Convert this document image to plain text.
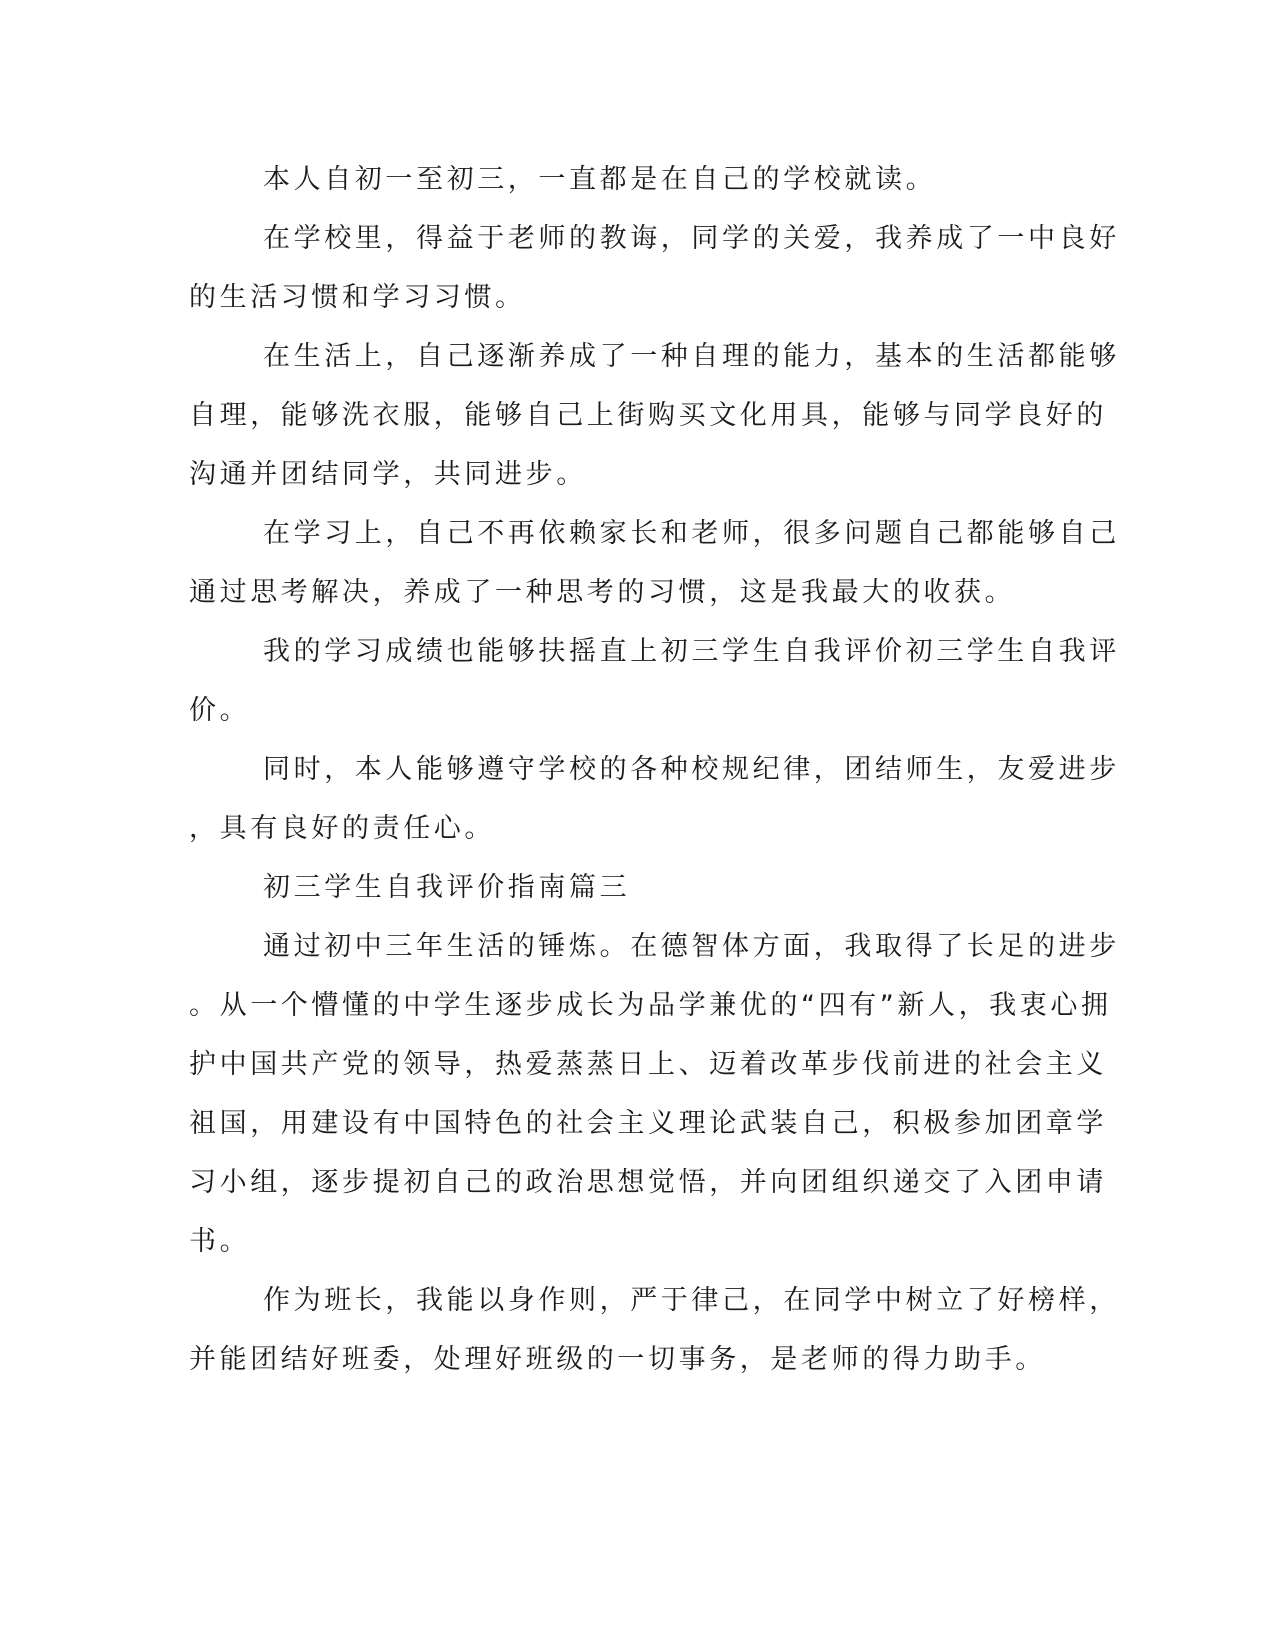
本人自初一至初三，一直都是在自己的学校就读。
在学校里，得益于老师的教诲，同学的关爱，我养成了一中良好
的生活习惯和学习习惯。
在生活上，自己逐渐养成了一种自理的能力，基本的生活都能够
自理，能够洗衣服，能够自己上街购买文化用具，能够与同学良好的
沟通并团结同学，共同进步。
在学习上，自己不再依赖家长和老师，很多问题自己都能够自己
通过思考解决，养成了一种思考的习惯，这是我最大的收获。
我的学习成绩也能够扶摇直上初三学生自我评价初三学生自我评
价。
同时，本人能够遵守学校的各种校规纪律，团结师生，友爱进步
，具有良好的责任心。
初三学生自我评价指南篇三
通过初中三年生活的锤炼。在德智体方面，我取得了长足的进步
。从一个懵懂的中学生逐步成长为品学兼优的“四有”新人，我衷心拥
护中国共产党的领导，热爱蒸蒸日上、迈着改革步伐前进的社会主义
祖国，用建设有中国特色的社会主义理论武装自己，积极参加团章学
习小组，逐步提初自己的政治思想觉悟，并向团组织递交了入团申请
书。
作为班长，我能以身作则，严于律己，在同学中树立了好榜样，
并能团结好班委，处理好班级的一切事务，是老师的得力助手。
